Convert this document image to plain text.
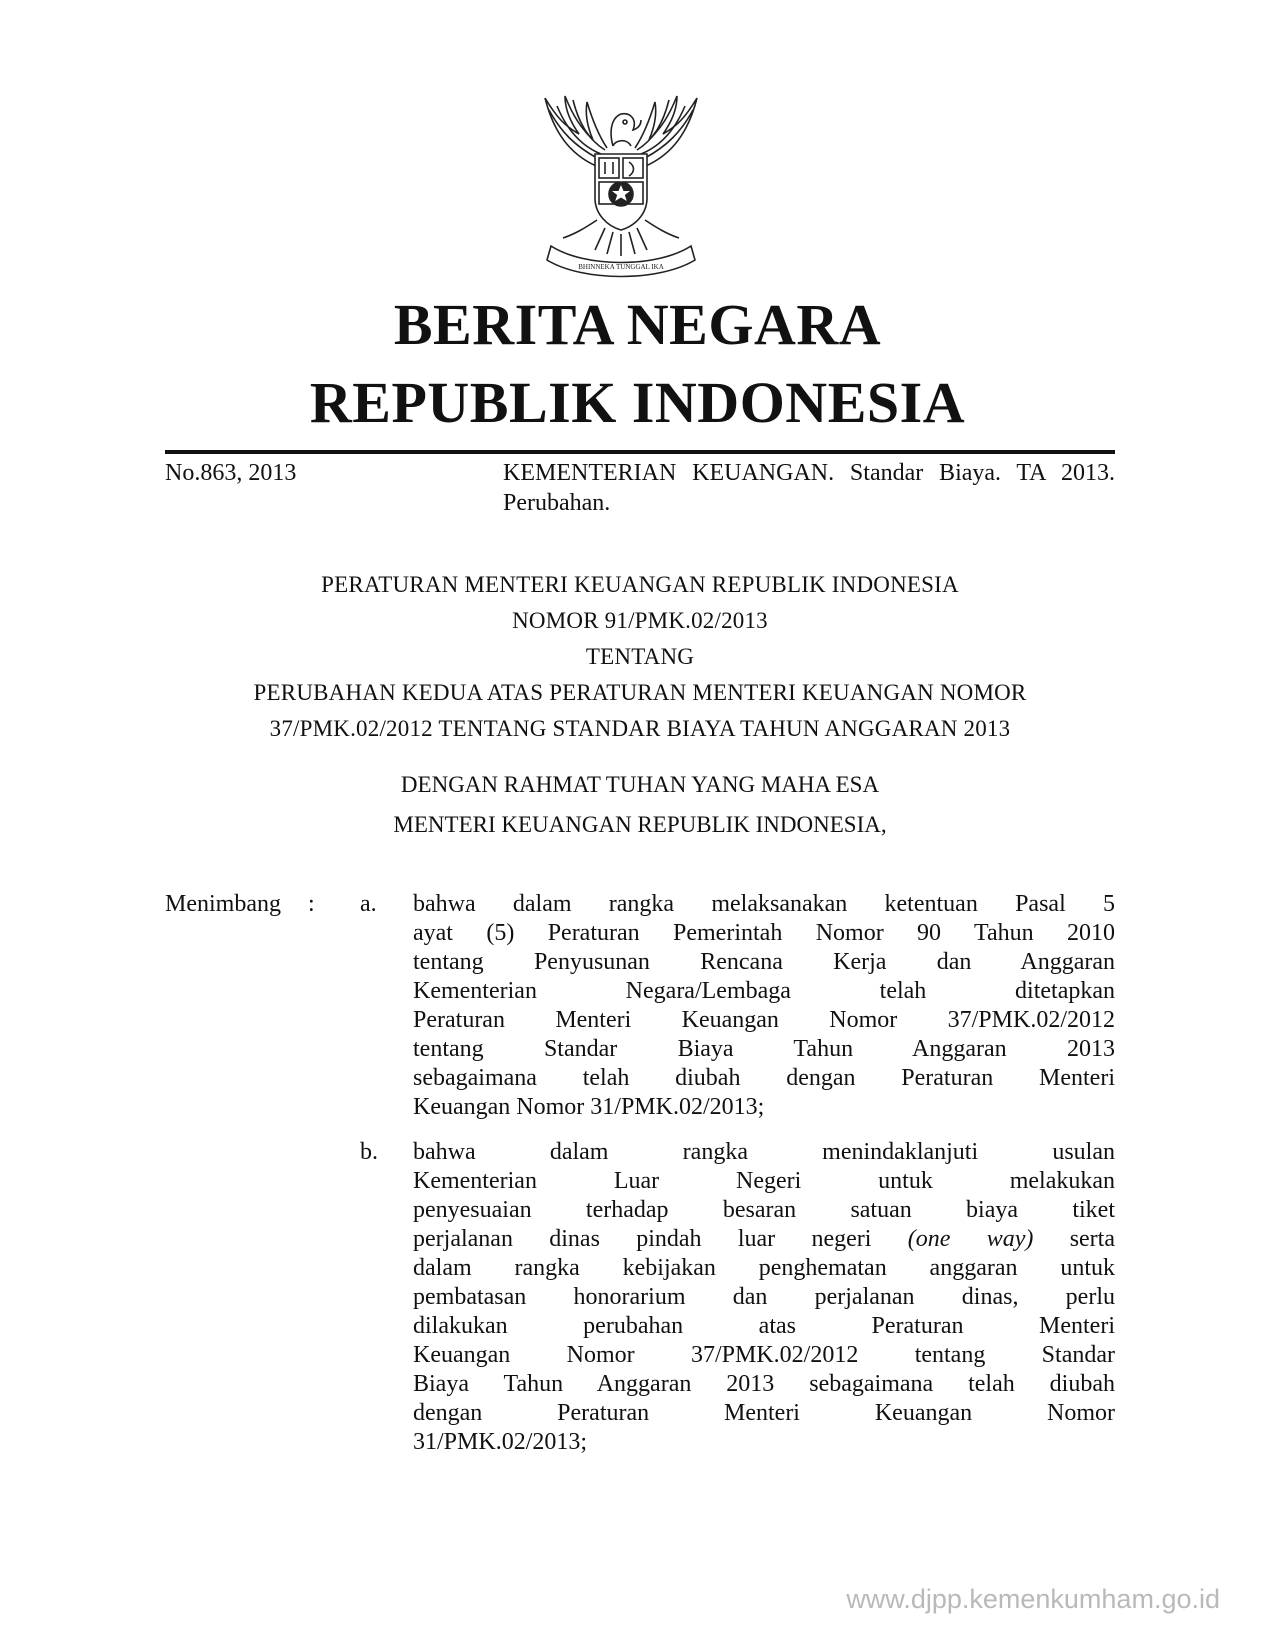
BHINNEKA TUNGGAL IKA
BERITA NEGARA
REPUBLIK INDONESIA
No.863, 2013	KEMENTERIAN KEUANGAN. Standar Biaya. TA 2013. Perubahan.
PERATURAN MENTERI KEUANGAN REPUBLIK INDONESIA
NOMOR 91/PMK.02/2013
TENTANG
PERUBAHAN KEDUA ATAS PERATURAN MENTERI KEUANGAN NOMOR
37/PMK.02/2012 TENTANG STANDAR BIAYA TAHUN ANGGARAN 2013
DENGAN RAHMAT TUHAN YANG MAHA ESA
MENTERI KEUANGAN REPUBLIK INDONESIA,
Menimbang : a. bahwa dalam rangka melaksanakan ketentuan Pasal 5
ayat (5) Peraturan Pemerintah Nomor 90 Tahun 2010
tentang Penyusunan Rencana Kerja dan Anggaran
Kementerian Negara/Lembaga telah ditetapkan
Peraturan Menteri Keuangan Nomor 37/PMK.02/2012
tentang Standar Biaya Tahun Anggaran 2013
sebagaimana telah diubah dengan Peraturan Menteri
Keuangan Nomor 31/PMK.02/2013;
b. bahwa dalam rangka menindaklanjuti usulan
Kementerian Luar Negeri untuk melakukan
penyesuaian terhadap besaran satuan biaya tiket
perjalanan dinas pindah luar negeri (one way) serta
dalam rangka kebijakan penghematan anggaran untuk
pembatasan honorarium dan perjalanan dinas, perlu
dilakukan perubahan atas Peraturan Menteri
Keuangan Nomor 37/PMK.02/2012 tentang Standar
Biaya Tahun Anggaran 2013 sebagaimana telah diubah
dengan Peraturan Menteri Keuangan Nomor
31/PMK.02/2013;
www.djpp.kemenkumham.go.id
